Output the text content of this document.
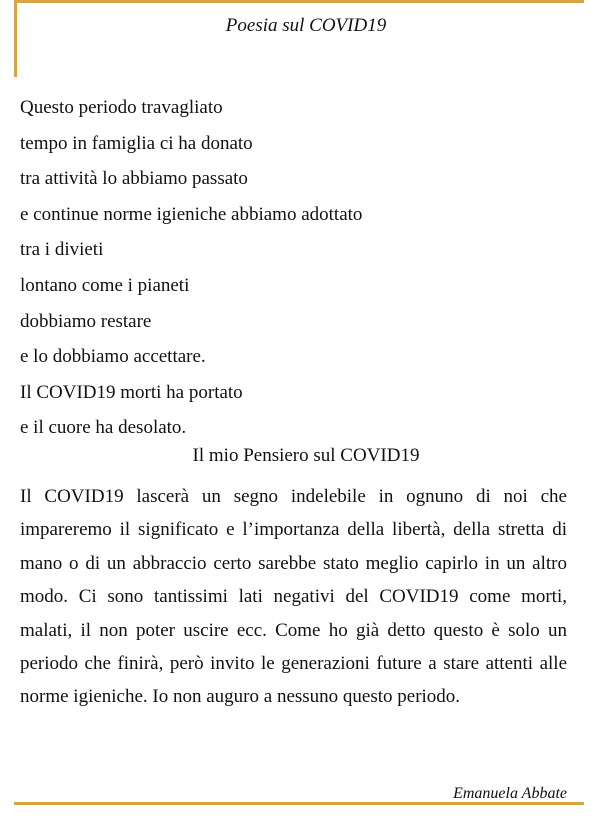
Poesia sul COVID19
Questo periodo travagliato
tempo in famiglia ci ha donato
tra attività lo abbiamo passato
e continue norme igieniche abbiamo adottato
tra i divieti
lontano come i pianeti
dobbiamo restare
e lo dobbiamo accettare.
Il COVID19 morti ha portato
e il cuore ha desolato.
Il mio Pensiero sul COVID19

Il COVID19 lascerà un segno indelebile in ognuno di noi che impareremo il significato e l’importanza della libertà, della stretta di mano o di un abbraccio certo sarebbe stato meglio capirlo in un altro modo. Ci sono tantissimi lati negativi del COVID19 come morti, malati, il non poter uscire ecc. Come ho già detto questo è solo un periodo che finirà, però invito le generazioni future a stare attenti alle norme igieniche. Io non auguro a nessuno questo periodo.

Emanuela Abbate
